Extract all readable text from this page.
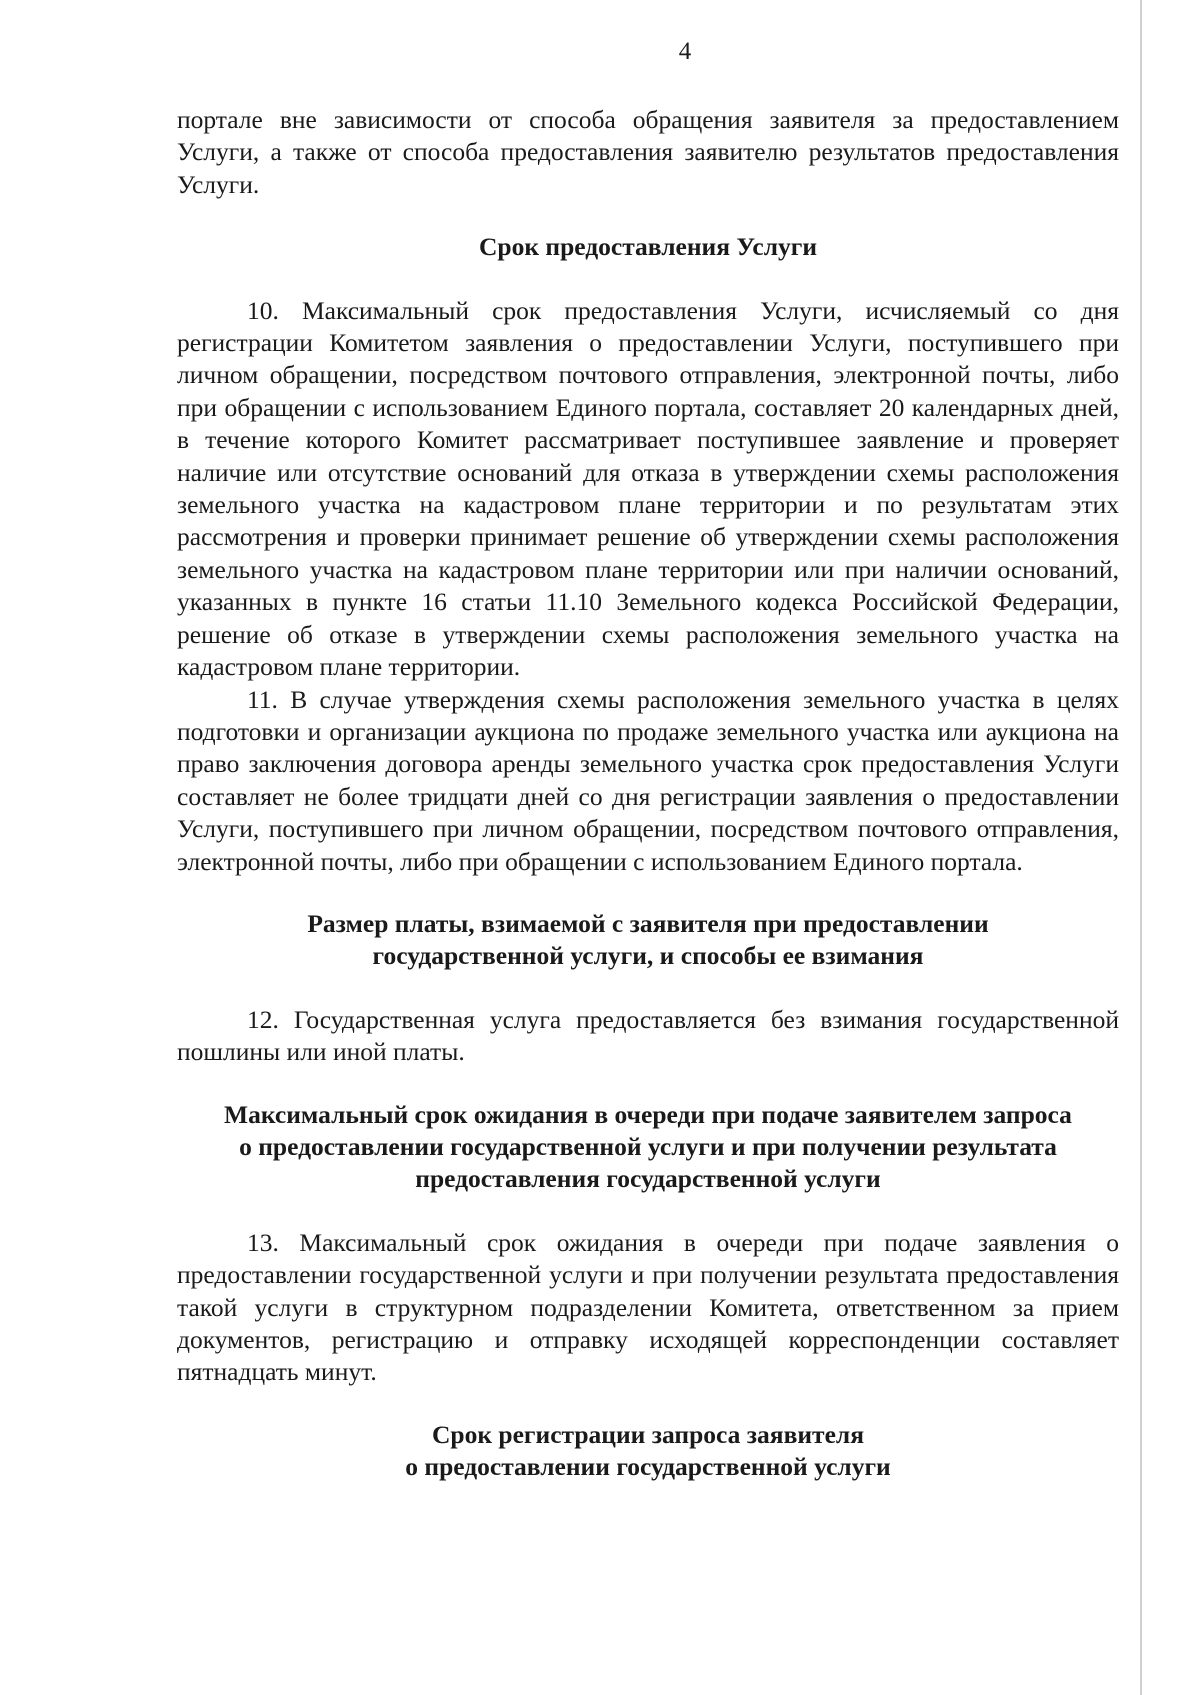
4

портале вне зависимости от способа обращения заявителя за предоставлением Услуги, а также от способа предоставления заявителю результатов предоставления Услуги.

Срок предоставления Услуги

10. Максимальный срок предоставления Услуги, исчисляемый со дня регистрации Комитетом заявления о предоставлении Услуги, поступившего при личном обращении, посредством почтового отправления, электронной почты, либо при обращении с использованием Единого портала, составляет 20 календарных дней, в течение которого Комитет рассматривает поступившее заявление и проверяет наличие или отсутствие оснований для отказа в утверждении схемы расположения земельного участка на кадастровом плане территории и по результатам этих рассмотрения и проверки принимает решение об утверждении схемы расположения земельного участка на кадастровом плане территории или при наличии оснований, указанных в пункте 16 статьи 11.10 Земельного кодекса Российской Федерации, решение об отказе в утверждении схемы расположения земельного участка на кадастровом плане территории.

11. В случае утверждения схемы расположения земельного участка в целях подготовки и организации аукциона по продаже земельного участка или аукциона на право заключения договора аренды земельного участка срок предоставления Услуги составляет не более тридцати дней со дня регистрации заявления о предоставлении Услуги, поступившего при личном обращении, посредством почтового отправления, электронной почты, либо при обращении с использованием Единого портала.

Размер платы, взимаемой с заявителя при предоставлении
государственной услуги, и способы ее взимания

12. Государственная услуга предоставляется без взимания государственной пошлины или иной платы.

Максимальный срок ожидания в очереди при подаче заявителем запроса
о предоставлении государственной услуги и при получении результата
предоставления государственной услуги

13. Максимальный срок ожидания в очереди при подаче заявления о предоставлении государственной услуги и при получении результата предоставления такой услуги в структурном подразделении Комитета, ответственном за прием документов, регистрацию и отправку исходящей корреспонденции составляет пятнадцать минут.

Срок регистрации запроса заявителя
о предоставлении государственной услуги
